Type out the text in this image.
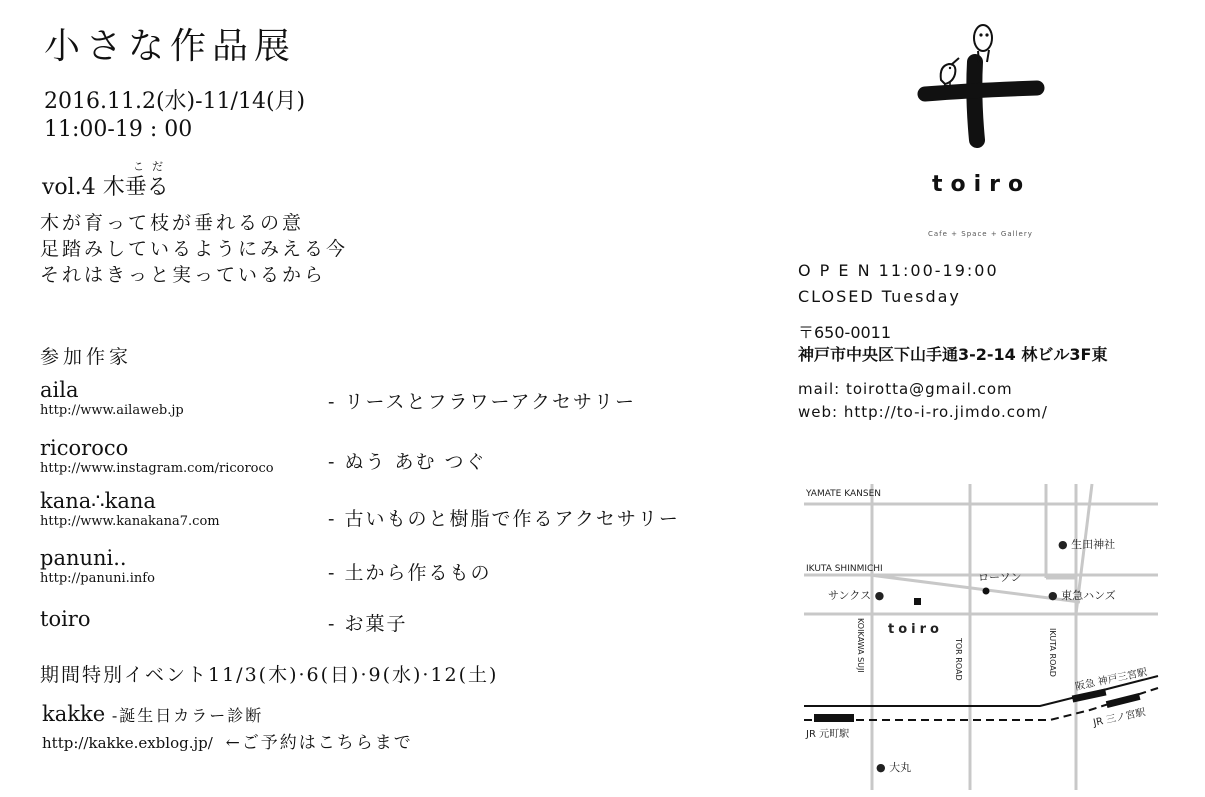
小さな作品展
2016.11.2(水)-11/14(月)
11:00-19 : 00
こだ
vol.4 木垂る
木が育って枝が垂れるの意
足踏みしているようにみえる今
それはきっと実っているから
参加作家
aila
http://www.ailaweb.jp	- リースとフラワーアクセサリー
ricoroco
http://www.instagram.com/ricoroco	- ぬう あむ つぐ
kana∴kana
http://www.kanakana7.com	- 古いものと樹脂で作るアクセサリー
panuni..
http://panuni.info	- 土から作るもの
toiro	- お菓子
期間特別イベント11/3(木)·6(日)·9(水)·12(土)
kakke -誕生日カラー診断
http://kakke.exblog.jp/ ←ご予約はこちらまで
toiro
Cafe + Space + Gallery
O P E N 11:00-19:00
CLOSED Tuesday
〒650-0011
神戸市中央区下山手通3-2-14 林ビル3F東
mail: toirotta@gmail.com
web: http://to-i-ro.jimdo.com/
YAMATE KANSEN
IKUTA SHINMICHI
KOIKAWA SUJI	TOR ROAD	IKUTA ROAD
● 生田神社
ローソン
サンクス ●	● 東急ハンズ
toiro
阪急 神戸三宮駅
JR 元町駅
JR 三ノ宮駅
● 大丸
